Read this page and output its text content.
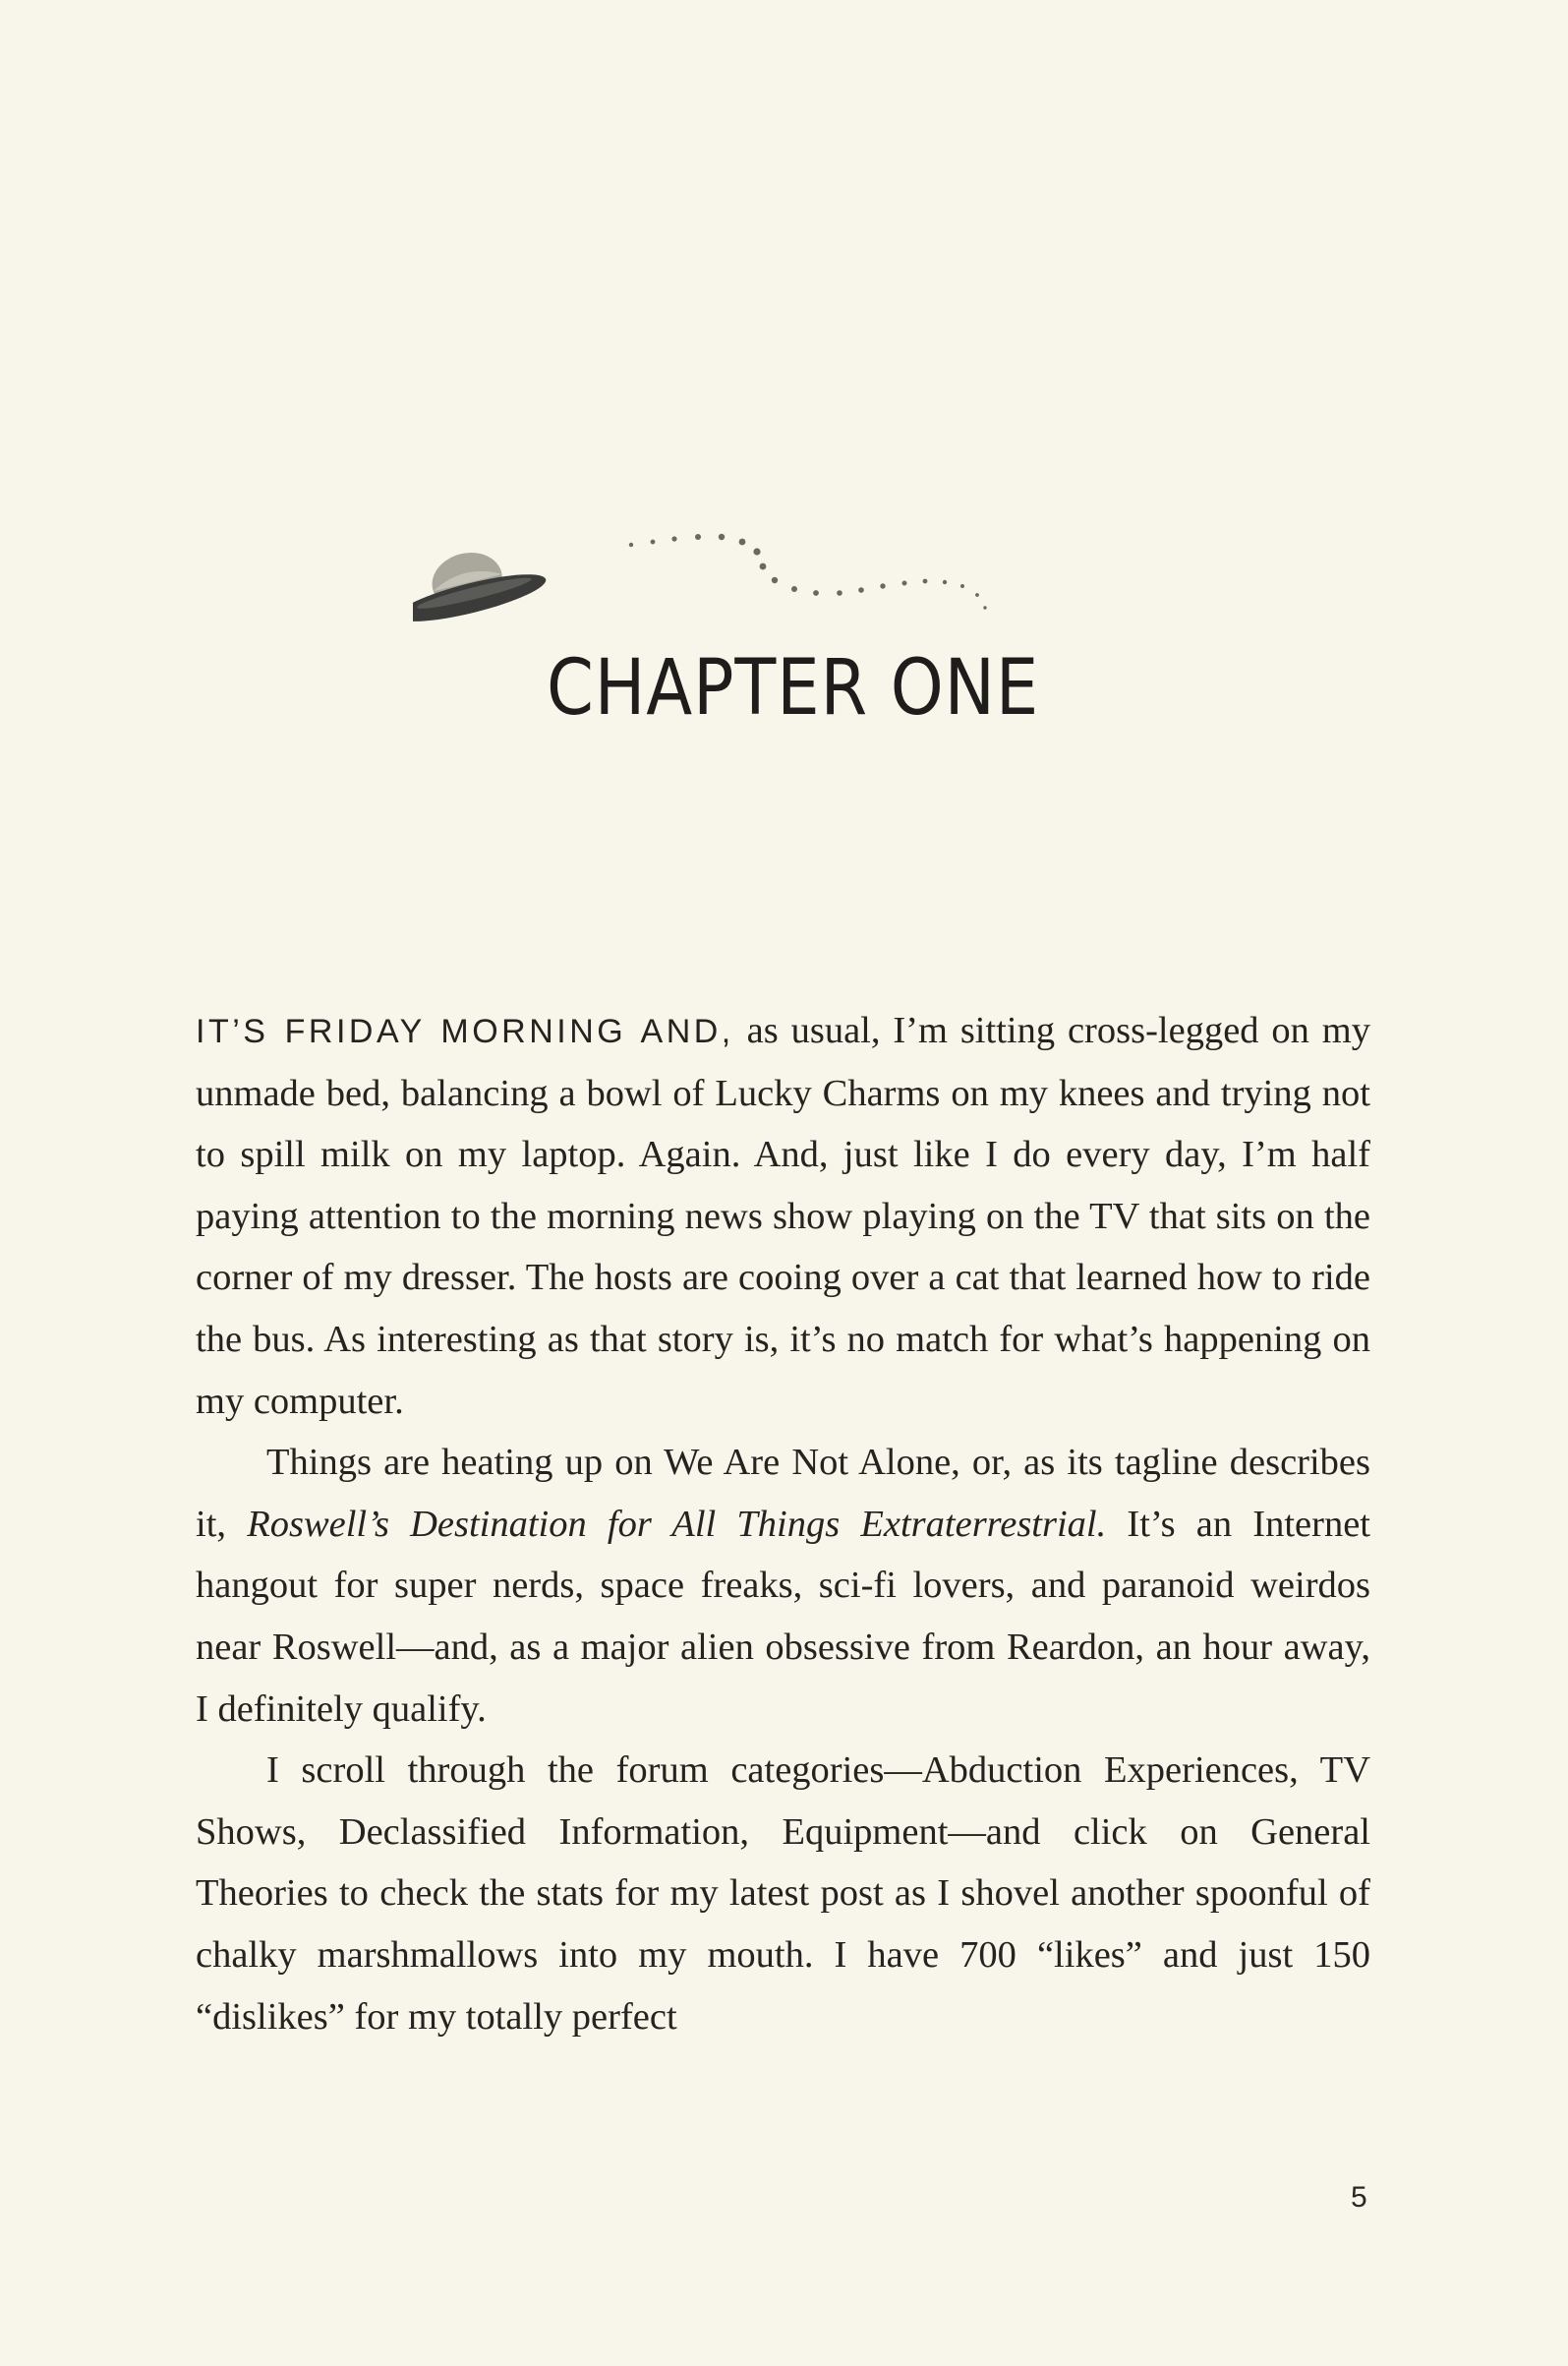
CHAPTER ONE

IT’S FRIDAY MORNING AND, as usual, I’m sitting cross-legged on my unmade bed, balancing a bowl of Lucky Charms on my knees and trying not to spill milk on my laptop. Again. And, just like I do every day, I’m half paying attention to the morning news show playing on the TV that sits on the corner of my dresser. The hosts are cooing over a cat that learned how to ride the bus. As interesting as that story is, it’s no match for what’s happening on my computer.

Things are heating up on We Are Not Alone, or, as its tagline describes it, Roswell’s Destination for All Things Extraterrestrial. It’s an Internet hangout for super nerds, space freaks, sci-fi lovers, and paranoid weirdos near Roswell—and, as a major alien obsessive from Reardon, an hour away, I definitely qualify.

I scroll through the forum categories—Abduction Experiences, TV Shows, Declassified Information, Equipment—and click on General Theories to check the stats for my latest post as I shovel another spoonful of chalky marshmallows into my mouth. I have 700 “likes” and just 150 “dislikes” for my totally perfect

5
